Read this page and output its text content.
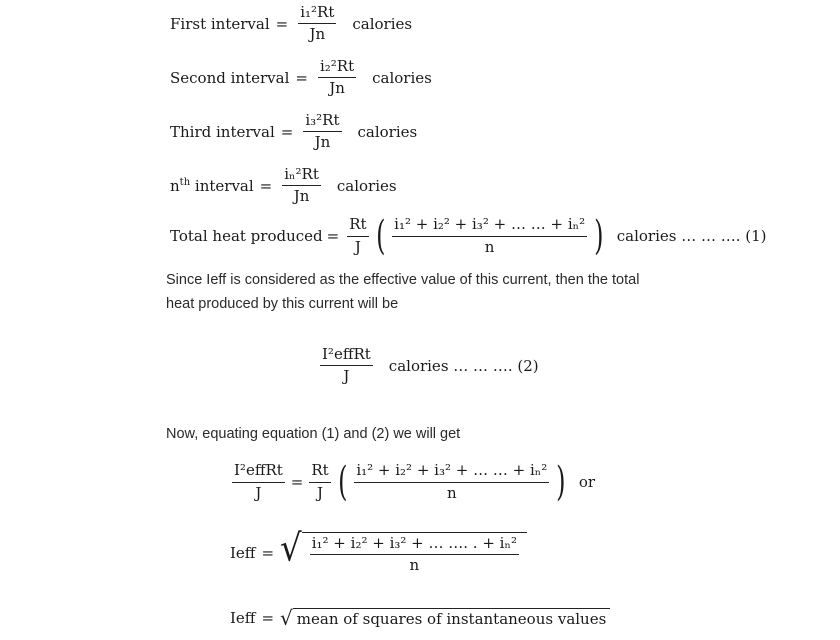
First interval = $\frac{\text{i₁²Rt}}{Jn}$ calories
Second interval = $\frac{\text{i₂²Rt}}{Jn}$ calories
Third interval = $\frac{\text{i₃²Rt}}{Jn}$ calories
$n^{th}$ interval = $\frac{\text{iₙ²Rt}}{Jn}$ calories
Total heat produced = $\frac{Rt}{J}$ ( $\frac{\text{i₁² + i₂² + i₃² + … … + iₙ²}}{n}$ ) calories … … …. (1)
Since Ieff is considered as the effective value of this current, then the total
heat produced by this current will be
$\frac{\text{I²effRt}}{J}$ calories … … …. (2)
Now, equating equation (1) and (2) we will get
$\frac{\text{I²effRt}}{J} = \frac{Rt}{J}$ ( $\frac{\text{i₁² + i₂² + i₃² + … … + iₙ²}}{n}$ ) or
Ieff = √ $\frac{\text{i₁² + i₂² + i₃² + … …. . + iₙ²}}{n}$
Ieff = √ mean of squares of instantaneous values
